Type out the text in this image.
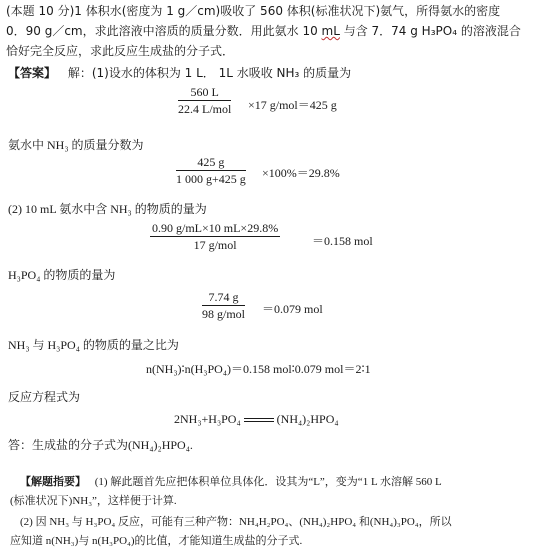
(本题 10 分)1 体积水(密度为 1 g／cm)吸收了 560 体积(标准状况下)氨气，所得氨水的密度
0．90 g／cm，求此溶液中溶质的质量分数．用此氨水 10 mL 与含 7．74 g H₃PO₄ 的溶液混合
恰好完全反应，求此反应生成盐的分子式．
【答案】 解：(1)设水的体积为 1 L． 1L 水吸收 NH₃ 的质量为
560 L
22.4 L/mol ×17 g/mol＝425 g
氨水中 NH₃ 的质量分数为
$\frac{425 g}{1 000 g+425 g} \times 100\%=29.8\%$
(2) 10 mL 氨水中含 NH₃ 的物质的量为
0.90 g/mL×10 mL×29.8%
17 g/mol	＝0.158 mol
H₃PO₄ 的物质的量为
7.74 g
98 g/mol ＝0.079 mol
NH₃ 与 H₃PO₄ 的物质的量之比为
n(NH₃)∶n(H₃PO₄)＝0.158 mol∶0.079 mol＝2∶1
反应方程式为
2NH₃+H₃PO₄	(NH₄)₂HPO₄
答：生成盐的分子式为(NH₄)₂HPO₄.
【解题指要】 (1) 解此题首先应把体积单位具体化．设其为“L”，变为“1 L 水溶解 560 L
(标准状况下)NH₃”，这样便于计算.
(2) 因 NH₃ 与 H₃PO₄ 反应，可能有三种产物：NH₄H₂PO₄、(NH₄)₂HPO₄ 和(NH₄)₃PO₄，所以
应知道 n(NH₃)与 n(H₃PO₄)的比值，才能知道生成盐的分子式.
